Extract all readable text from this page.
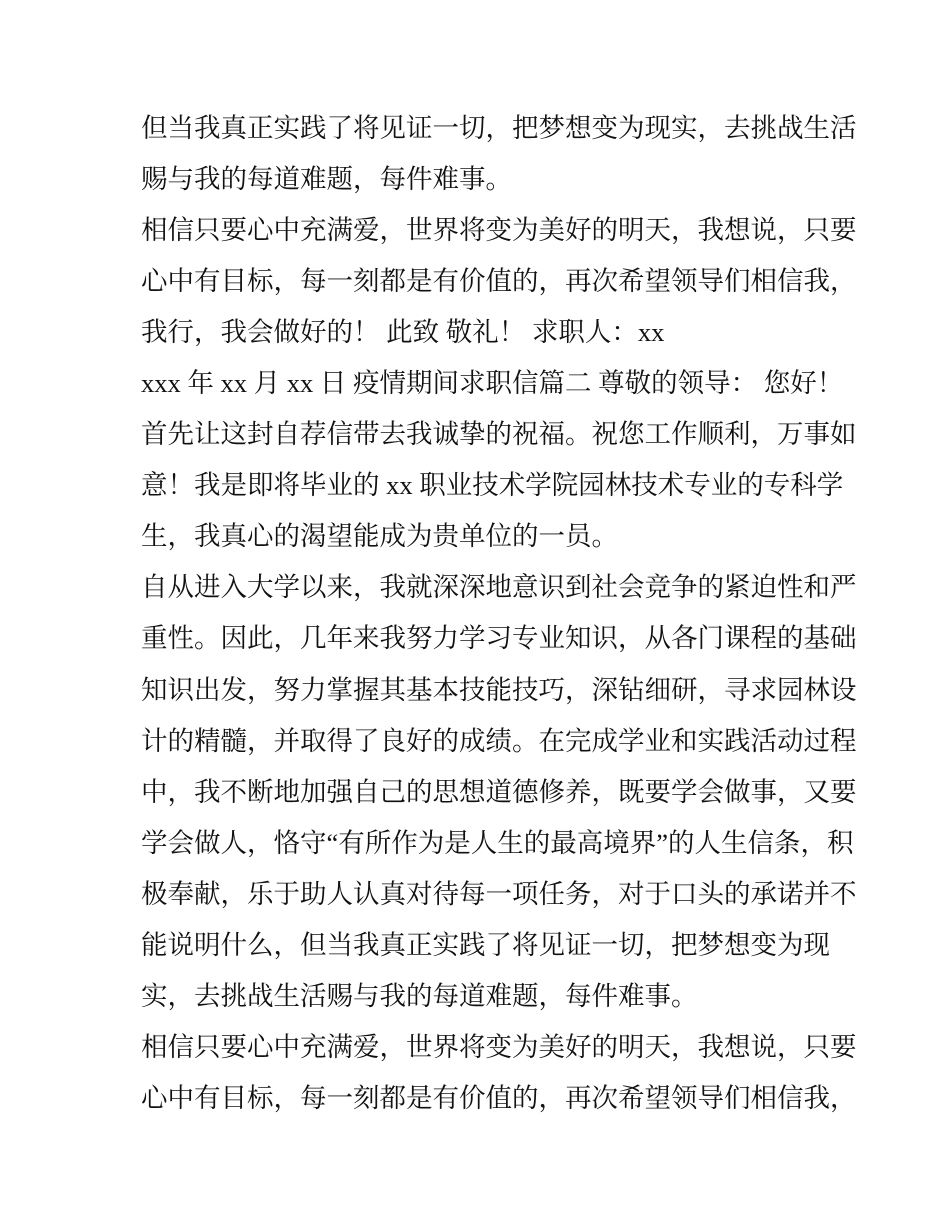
但当我真正实践了将见证一切，把梦想变为现实，去挑战生活
赐与我的每道难题，每件难事。
相信只要心中充满爱，世界将变为美好的明天，我想说，只要
心中有目标，每一刻都是有价值的，再次希望领导们相信我，
我行，我会做好的！ 此致 敬礼！ 求职人：xx
xxx 年 xx 月 xx 日 疫情期间求职信篇二 尊敬的领导： 您好！
首先让这封自荐信带去我诚挚的祝福。祝您工作顺利，万事如
意！我是即将毕业的 xx 职业技术学院园林技术专业的专科学
生，我真心的渴望能成为贵单位的一员。
自从进入大学以来，我就深深地意识到社会竞争的紧迫性和严
重性。因此，几年来我努力学习专业知识，从各门课程的基础
知识出发，努力掌握其基本技能技巧，深钻细研，寻求园林设
计的精髓，并取得了良好的成绩。在完成学业和实践活动过程
中，我不断地加强自己的思想道德修养，既要学会做事，又要
学会做人，恪守“有所作为是人生的最高境界”的人生信条，积
极奉献，乐于助人认真对待每一项任务，对于口头的承诺并不
能说明什么，但当我真正实践了将见证一切，把梦想变为现
实，去挑战生活赐与我的每道难题，每件难事。
相信只要心中充满爱，世界将变为美好的明天，我想说，只要
心中有目标，每一刻都是有价值的，再次希望领导们相信我，
